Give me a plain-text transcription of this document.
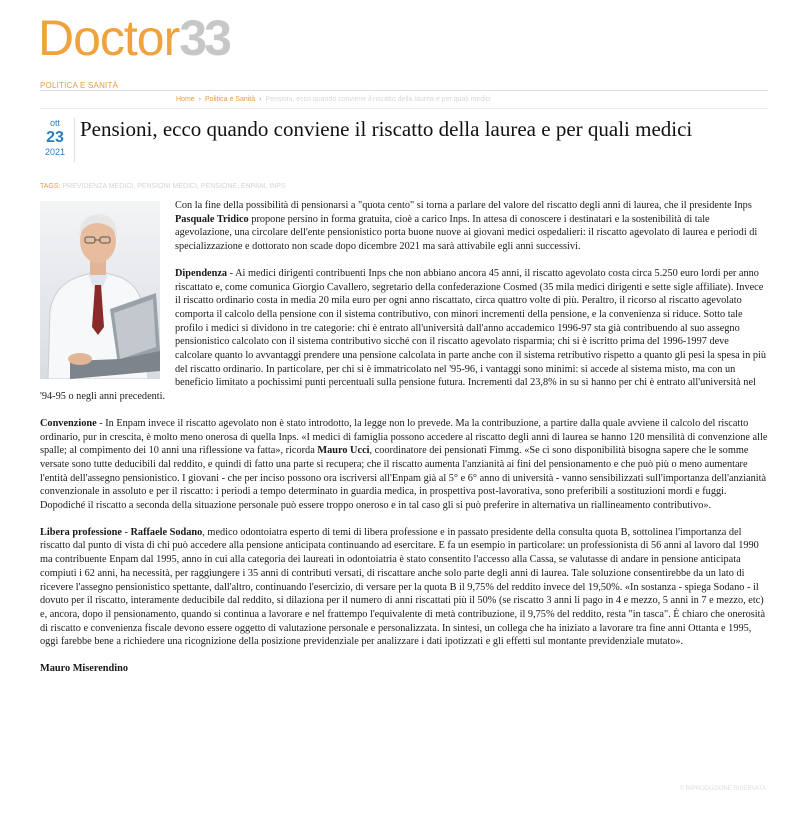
Doctor33
POLITICA E SANITÀ
Home › Politica e Sanità › Pensioni, ecco quando conviene il riscatto della laurea e per quali medici
ott
23
2021
Pensioni, ecco quando conviene il riscatto della laurea e per quali medici
TAGS: PREVIDENZA MEDICI, PENSIONI MEDICI, PENSIONE, ENPAM, INPS

Con la fine della possibilità di pensionarsi a "quota cento" si torna a parlare del valore del riscatto degli anni di laurea, che il presidente Inps Pasquale Tridico propone persino in forma gratuita, cioè a carico Inps. In attesa di conoscere i destinatari e la sostenibilità di tale agevolazione, una circolare dell'ente pensionistico porta buone nuove ai giovani medici ospedalieri: il riscatto agevolato di laurea e periodi di specializzazione e dottorato non scade dopo dicembre 2021 ma sarà attivabile egli anni successivi.

Dipendenza - Ai medici dirigenti contribuenti Inps che non abbiano ancora 45 anni, il riscatto agevolato costa circa 5.250 euro lordi per anno riscattato e, come comunica Giorgio Cavallero, segretario della confederazione Cosmed (35 mila medici dirigenti e sette sigle affiliate). Invece il riscatto ordinario costa in media 20 mila euro per ogni anno riscattato, circa quattro volte di più. Peraltro, il ricorso al riscatto agevolato comporta il calcolo della pensione con il sistema contributivo, con minori incrementi della pensione, e la convenienza si riduce. Sotto tale profilo i medici si dividono in tre categorie: chi è entrato all'università dall'anno accademico 1996-97 sta già contribuendo al suo assegno pensionistico calcolato con il sistema contributivo sicché con il riscatto agevolato risparmia; chi si è iscritto prima del 1996-1997 deve calcolare quanto lo avvantaggi prendere una pensione calcolata in parte anche con il sistema retributivo rispetto a quanto gli pesi la spesa in più del riscatto ordinario. In particolare, per chi si è immatricolato nel '95-96, i vantaggi sono minimi: si accede al sistema misto, ma con un beneficio limitato a pochissimi punti percentuali sulla pensione futura. Incrementi dal 23,8% in su si hanno per chi è entrato all'università nel '94-95 o negli anni precedenti.

Convenzione - In Enpam invece il riscatto agevolato non è stato introdotto, la legge non lo prevede. Ma la contribuzione, a partire dalla quale avviene il calcolo del riscatto ordinario, pur in crescita, è molto meno onerosa di quella Inps. «I medici di famiglia possono accedere al riscatto degli anni di laurea se hanno 120 mensilità di convenzione alle spalle; al compimento dei 10 anni una riflessione va fatta», ricorda Mauro Ucci, coordinatore dei pensionati Fimmg. «Se ci sono disponibilità bisogna sapere che le somme versate sono tutte deducibili dal reddito, e quindi di fatto una parte si recupera; che il riscatto aumenta l'anzianità ai fini del pensionamento e che può più o meno aumentare l'entità dell'assegno pensionistico. I giovani - che per inciso possono ora iscriversi all'Enpam già al 5° e 6° anno di università - vanno sensibilizzati sull'importanza dell'anzianità convenzionale in assoluto e per il riscatto: i periodi a tempo determinato in guardia medica, in prospettiva post-lavorativa, sono preferibili a sostituzioni mordi e fuggi. Dopodiché il riscatto a seconda della situazione personale può essere troppo oneroso e in tal caso gli si può preferire in alternativa un riallineamento contributivo».

Libera professione - Raffaele Sodano, medico odontoiatra esperto di temi di libera professione e in passato presidente della consulta quota B, sottolinea l'importanza del riscatto dal punto di vista di chi può accedere alla pensione anticipata continuando ad esercitare. E fa un esempio in particolare: un professionista di 56 anni al lavoro dal 1990 ma contribuente Enpam dal 1995, anno in cui alla categoria dei laureati in odontoiatria è stato consentito l'accesso alla Cassa, se valutasse di andare in pensione anticipata compiuti i 62 anni, ha necessità, per raggiungere i 35 anni di contributi versati, di riscattare anche solo parte degli anni di laurea. Tale soluzione consentirebbe da un lato di ricevere l'assegno pensionistico spettante, dall'altro, continuando l'esercizio, di versare per la quota B il 9,75% del reddito invece del 19,50%. «In sostanza - spiega Sodano - il dovuto per il riscatto, interamente deducibile dal reddito, si dilaziona per il numero di anni riscattati più il 50% (se riscatto 3 anni li pago in 4 e mezzo, 5 anni in 7 e mezzo, etc) e, ancora, dopo il pensionamento, quando si continua a lavorare e nel frattempo l'equivalente di metà contribuzione, il 9,75% del reddito, resta "in tasca". È chiaro che onerosità di riscatto e convenienza fiscale devono essere oggetto di valutazione personale e personalizzata. In sintesi, un collega che ha iniziato a lavorare tra fine anni Ottanta e 1995, oggi farebbe bene a richiedere una ricognizione della posizione previdenziale per analizzare i dati ipotizzati e gli effetti sul montante previdenziale mutato».

Mauro Miserendino

© RIPRODUZIONE RISERVATA
